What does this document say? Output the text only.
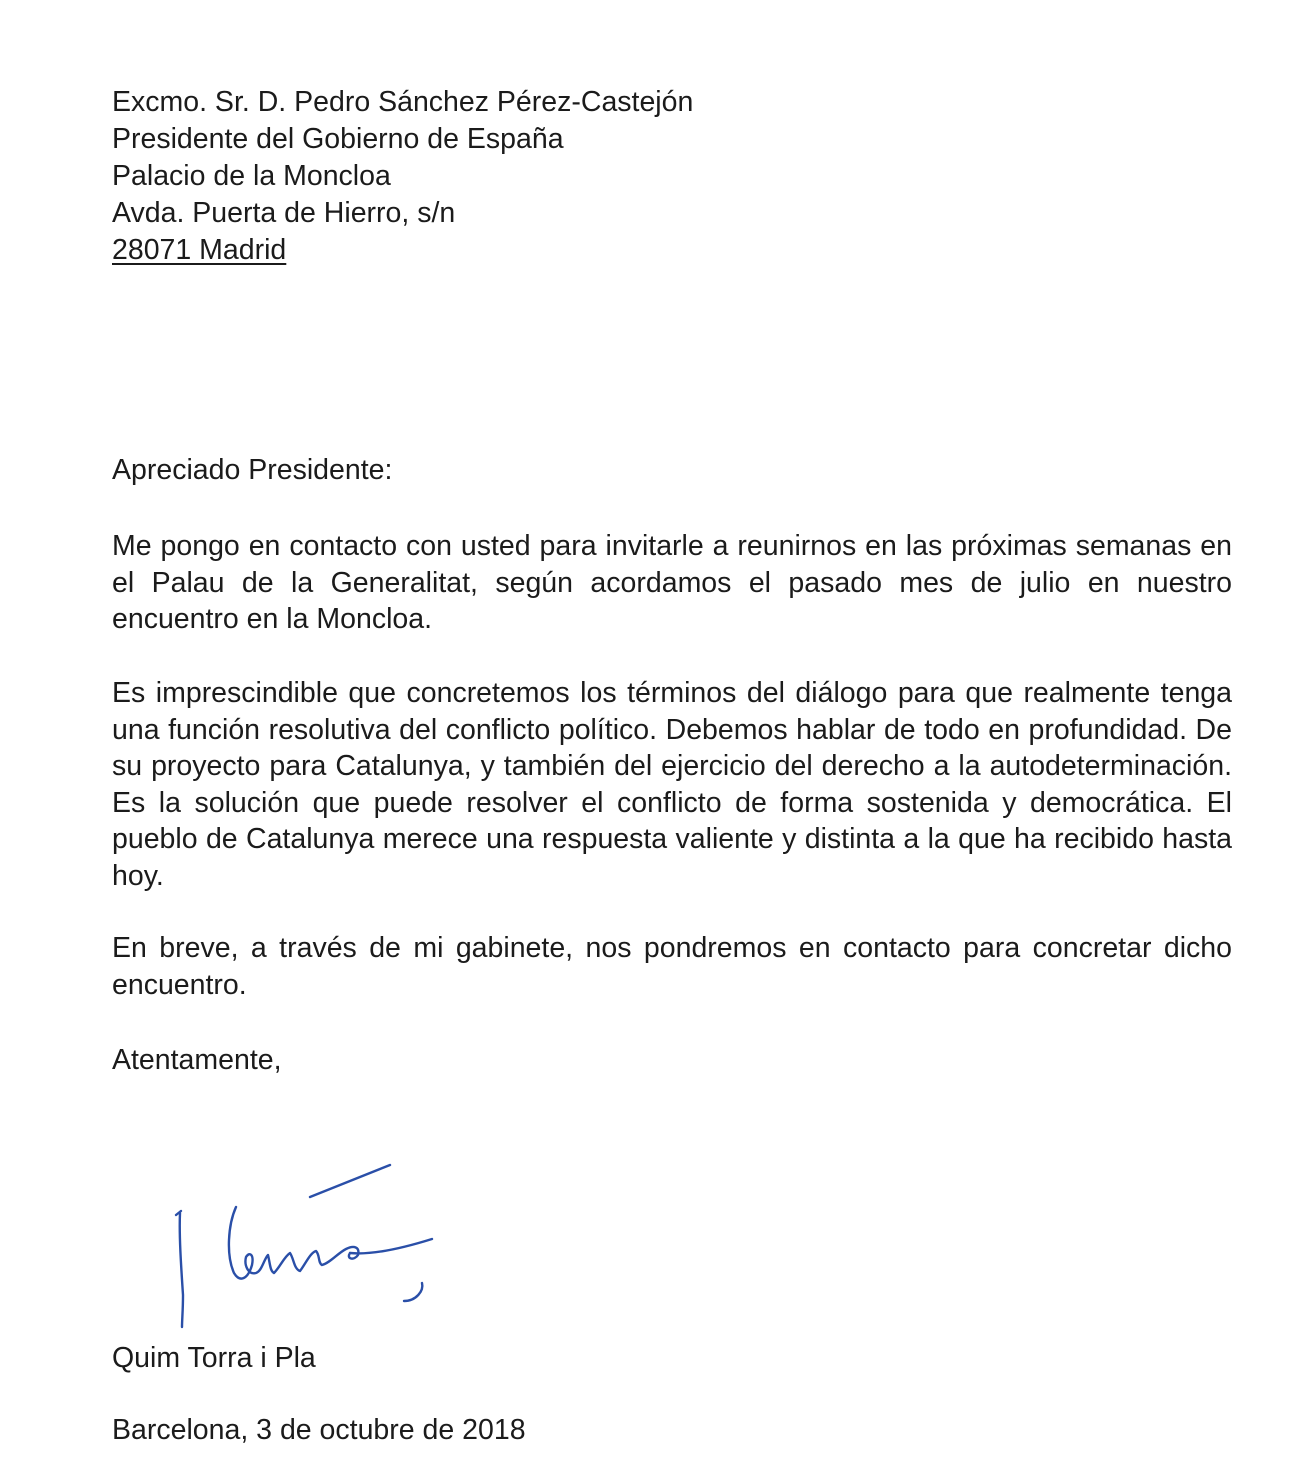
Excmo. Sr. D. Pedro Sánchez Pérez-Castejón
Presidente del Gobierno de España
Palacio de la Moncloa
Avda. Puerta de Hierro, s/n
28071 Madrid
Apreciado Presidente:
Me pongo en contacto con usted para invitarle a reunirnos en las próximas semanas en el Palau de la Generalitat, según acordamos el pasado mes de julio en nuestro encuentro en la Moncloa.
Es imprescindible que concretemos los términos del diálogo para que realmente tenga una función resolutiva del conflicto político. Debemos hablar de todo en profundidad. De su proyecto para Catalunya, y también del ejercicio del derecho a la autodeterminación. Es la solución que puede resolver el conflicto de forma sostenida y democrática. El pueblo de Catalunya merece una respuesta valiente y distinta a la que ha recibido hasta hoy.
En breve, a través de mi gabinete, nos pondremos en contacto para concretar dicho encuentro.
Atentamente,
Quim Torra i Pla
Barcelona, 3 de octubre de 2018
